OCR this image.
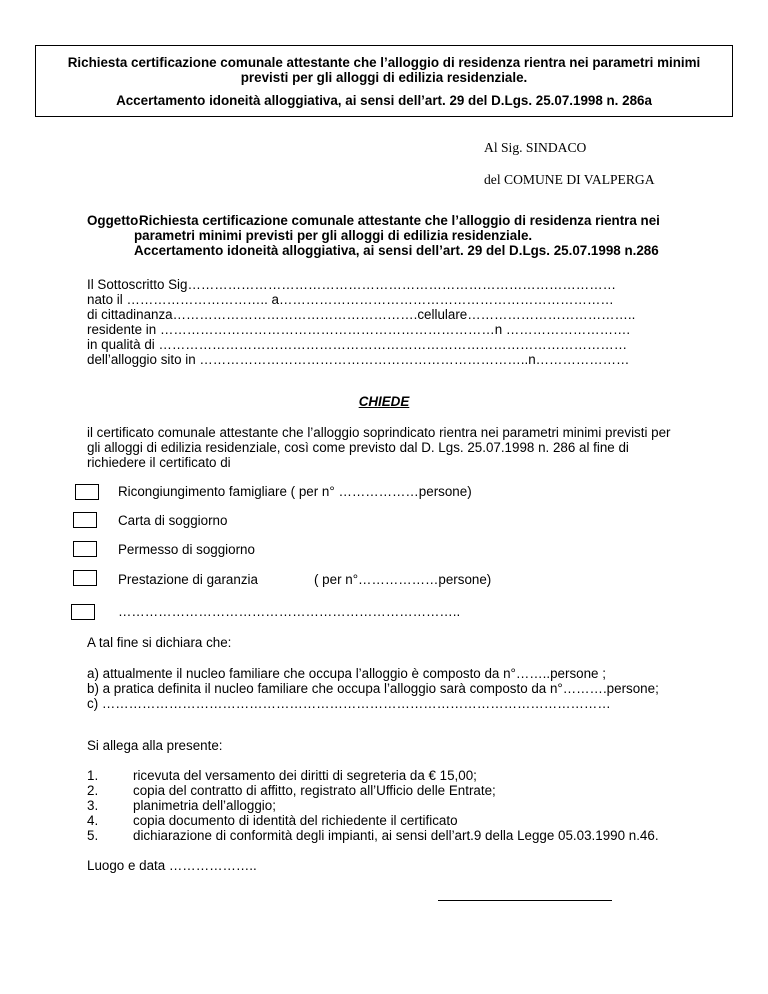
Richiesta certificazione comunale attestante che l’alloggio di residenza rientra nei parametri minimi
previsti per gli alloggi di edilizia residenziale.
Accertamento idoneità alloggiativa, ai sensi dell’art. 29 del D.Lgs. 25.07.1998 n. 286a
Al Sig. SINDACO
del COMUNE DI VALPERGA
Oggetto:
Richiesta certificazione comunale attestante che l’alloggio di residenza rientra nei
parametri minimi previsti per gli alloggi di edilizia residenziale.
Accertamento idoneità alloggiativa, ai sensi dell’art. 29 del D.Lgs. 25.07.1998 n.286
Il Sottoscritto Sig……………………………………………………………………………………
nato il ………………………….. a…………………………………………………………………
di cittadinanza……………………………………………….cellulare………………………………..
residente in …………………………………………………………………n ……………………….
in qualità di ……………………………………………………………………………………………
dell’alloggio sito in ………………………………………………………………..n…………………
CHIEDE
il certificato comunale attestante che l’alloggio soprindicato rientra nei parametri minimi previsti per
gli alloggi di edilizia residenziale, così come previsto dal D. Lgs. 25.07.1998 n. 286 al fine di
richiedere il certificato di
Ricongiungimento famigliare ( per n° ………………persone)
Carta di soggiorno
Permesso di soggiorno
Prestazione di garanzia	( per n°………………persone)
…………………………………………………………………..
A tal fine si dichiara che:
a) attualmente il nucleo familiare che occupa l’alloggio è composto da n°……..persone ;
b) a pratica definita il nucleo familiare che occupa l’alloggio sarà composto da n°……….persone;
c) ……………………………………………………………………………………………………
Si allega alla presente:
1.	ricevuta del versamento dei diritti di segreteria da € 15,00;
2.	copia del contratto di affitto, registrato all’Ufficio delle Entrate;
3.	planimetria dell’alloggio;
4.	copia documento di identità del richiedente il certificato
5.	dichiarazione di conformità degli impianti, ai sensi dell’art.9 della Legge 05.03.1990 n.46.
Luogo e data ………………..
